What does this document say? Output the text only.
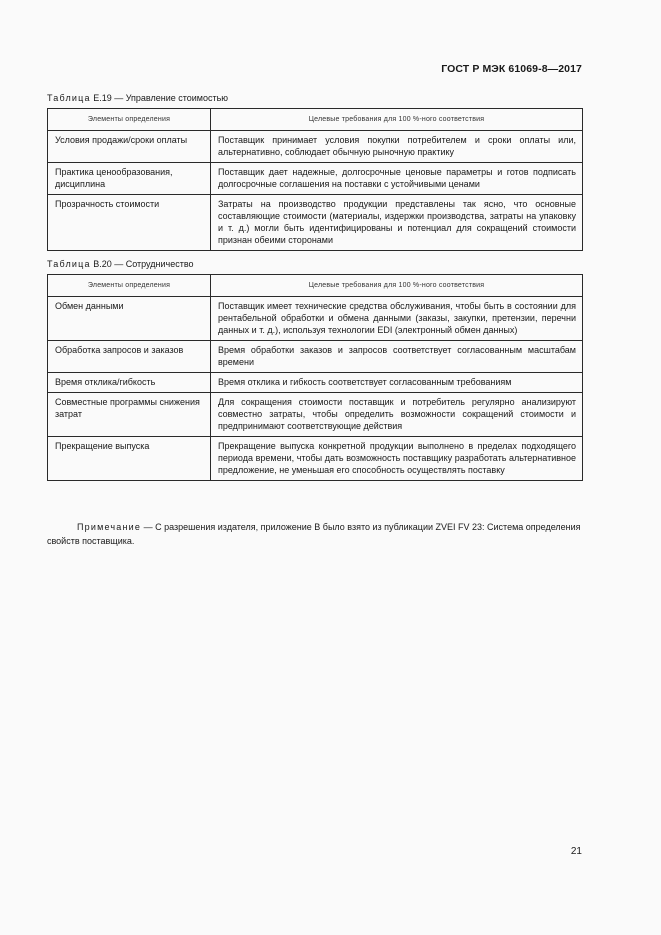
ГОСТ Р МЭК 61069-8—2017
Таблица Е.19 — Управление стоимостью
Элементы определения	Целевые требования для 100 %-ного соответствия
Условия продажи/сроки оплаты	Поставщик принимает условия покупки потребителем и сроки оплаты или, альтернативно, соблюдает обычную рыночную практику
Практика ценообразования, дисциплина	Поставщик дает надежные, долгосрочные ценовые параметры и готов подписать долгосрочные соглашения на поставки с устойчивыми ценами
Прозрачность стоимости	Затраты на производство продукции представлены так ясно, что основные составляющие стоимости (материалы, издержки производства, затраты на упаковку и т. д.) могли быть идентифицированы и потенциал для сокращений стоимости признан обеими сторонами
Таблица В.20 — Сотрудничество
Элементы определения	Целевые требования для 100 %-ного соответствия
Обмен данными	Поставщик имеет технические средства обслуживания, чтобы быть в состоянии для рентабельной обработки и обмена данными (заказы, закупки, претензии, перечни данных и т. д.), используя технологии EDI (электронный обмен данных)
Обработка запросов и заказов	Время обработки заказов и запросов соответствует согласованным масштабам времени
Время отклика/гибкость	Время отклика и гибкость соответствует согласованным требованиям
Совместные программы снижения затрат	Для сокращения стоимости поставщик и потребитель регулярно анализируют совместно затраты, чтобы определить возможности сокращений стоимости и предпринимают соответствующие действия
Прекращение выпуска	Прекращение выпуска конкретной продукции выполнено в пределах подходящего периода времени, чтобы дать возможность поставщику разработать альтернативное предложение, не уменьшая его способность осуществлять поставку
Примечание — С разрешения издателя, приложение В было взято из публикации ZVEI FV 23: Система определения свойств поставщика.
21
